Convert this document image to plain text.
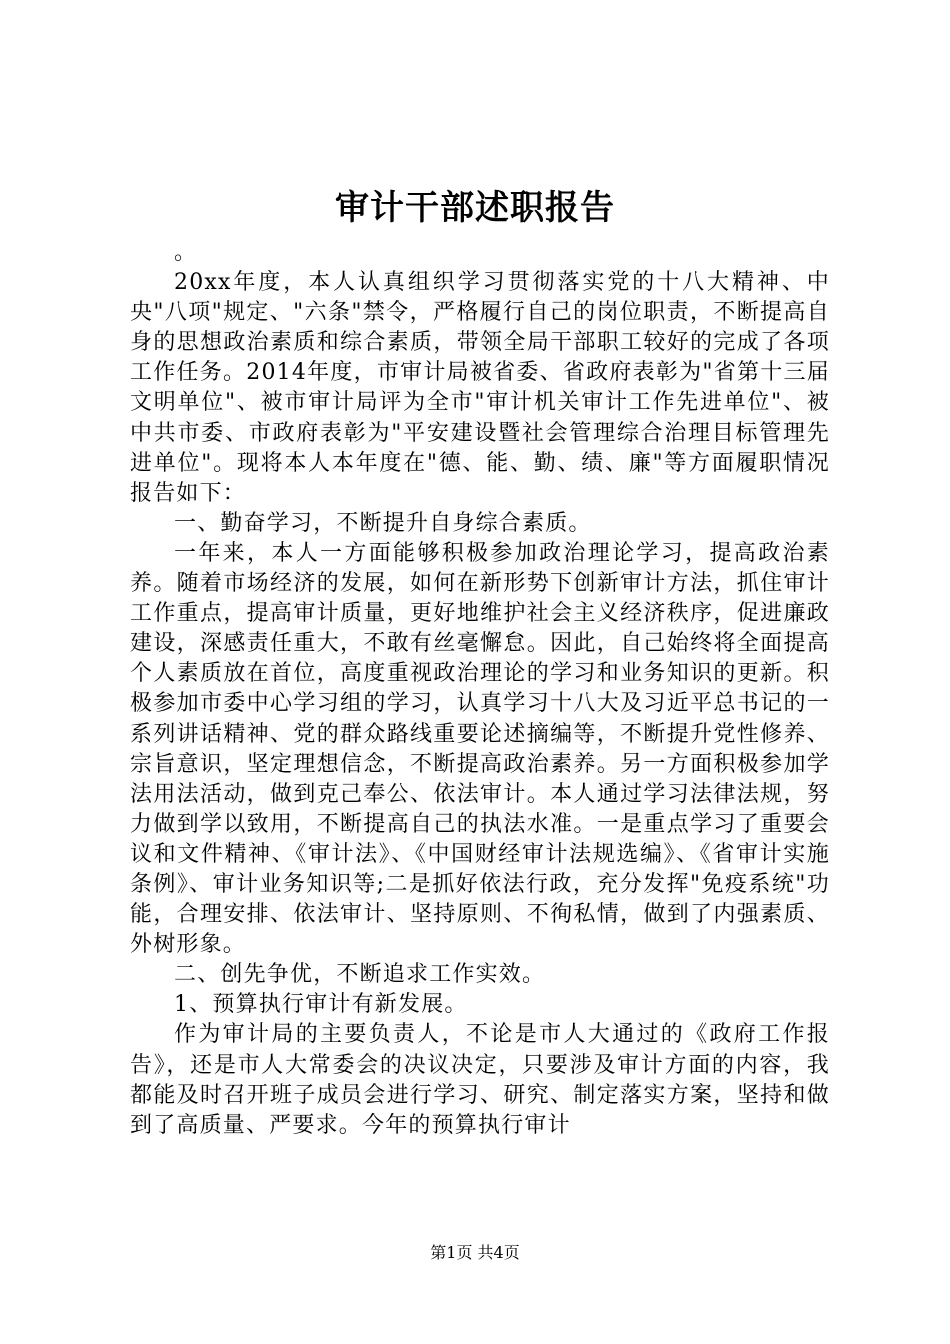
审计干部述职报告

。

20xx年度，本人认真组织学习贯彻落实党的十八大精神、中央"八项"规定、"六条"禁令，严格履行自己的岗位职责，不断提高自身的思想政治素质和综合素质，带领全局干部职工较好的完成了各项工作任务。2014年度，市审计局被省委、省政府表彰为"省第十三届文明单位"、被市审计局评为全市"审计机关审计工作先进单位"、被中共市委、市政府表彰为"平安建设暨社会管理综合治理目标管理先进单位"。现将本人本年度在"德、能、勤、绩、廉"等方面履职情况报告如下：

一、勤奋学习，不断提升自身综合素质。

一年来，本人一方面能够积极参加政治理论学习，提高政治素养。随着市场经济的发展，如何在新形势下创新审计方法，抓住审计工作重点，提高审计质量，更好地维护社会主义经济秩序，促进廉政建设，深感责任重大，不敢有丝毫懈怠。因此，自己始终将全面提高个人素质放在首位，高度重视政治理论的学习和业务知识的更新。积极参加市委中心学习组的学习，认真学习十八大及习近平总书记的一系列讲话精神、党的群众路线重要论述摘编等，不断提升党性修养、宗旨意识，坚定理想信念，不断提高政治素养。另一方面积极参加学法用法活动，做到克己奉公、依法审计。本人通过学习法律法规，努力做到学以致用，不断提高自己的执法水准。一是重点学习了重要会议和文件精神、《审计法》、《中国财经审计法规选编》、《省审计实施条例》、审计业务知识等;二是抓好依法行政，充分发挥"免疫系统"功能，合理安排、依法审计、坚持原则、不徇私情，做到了内强素质、外树形象。

二、创先争优，不断追求工作实效。

1、预算执行审计有新发展。

作为审计局的主要负责人，不论是市人大通过的《政府工作报告》，还是市人大常委会的决议决定，只要涉及审计方面的内容，我都能及时召开班子成员会进行学习、研究、制定落实方案，坚持和做到了高质量、严要求。今年的预算执行审计

第1页 共4页
